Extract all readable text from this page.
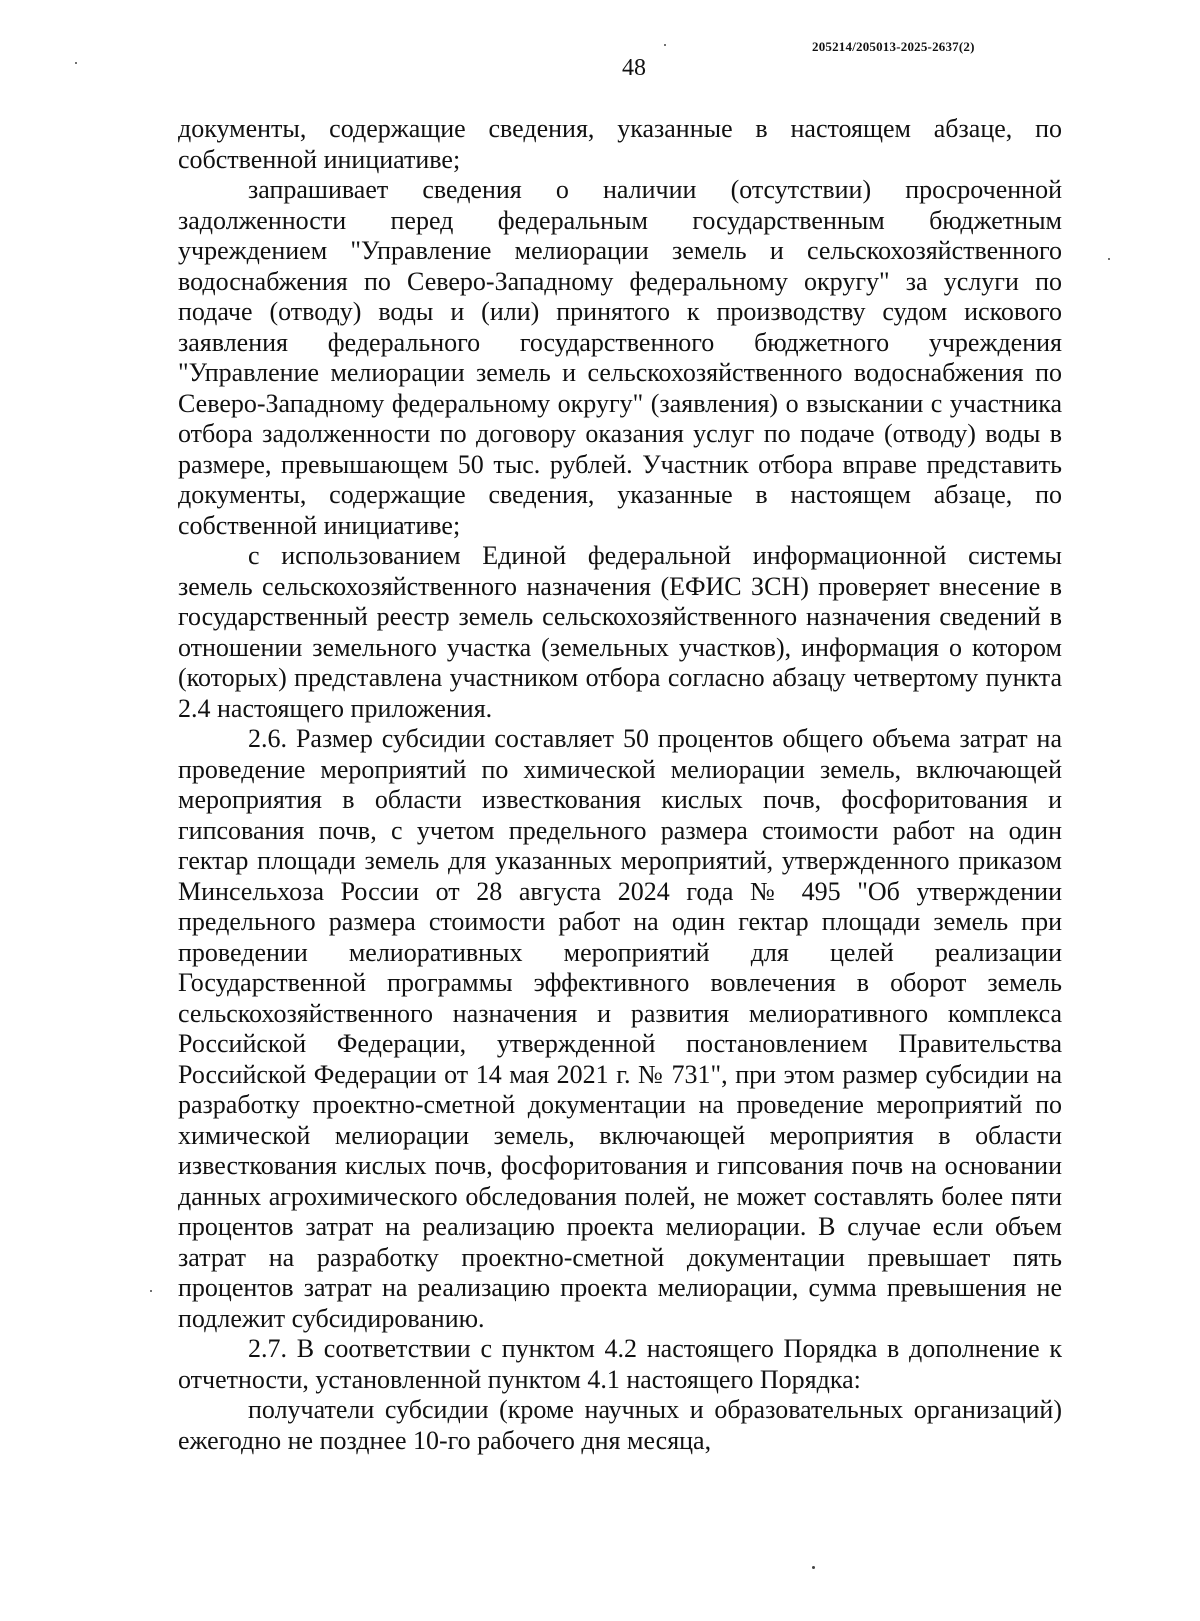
48
205214/205013-2025-2637(2)

документы, содержащие сведения, указанные в настоящем абзаце, по собственной инициативе;

запрашивает сведения о наличии (отсутствии) просроченной задолженности перед федеральным государственным бюджетным учреждением "Управление мелиорации земель и сельскохозяйственного водоснабжения по Северо-Западному федеральному округу" за услуги по подаче (отводу) воды и (или) принятого к производству судом искового заявления федерального государственного бюджетного учреждения "Управление мелиорации земель и сельскохозяйственного водоснабжения по Северо-Западному федеральному округу" (заявления) о взыскании с участника отбора задолженности по договору оказания услуг по подаче (отводу) воды в размере, превышающем 50 тыс. рублей. Участник отбора вправе представить документы, содержащие сведения, указанные в настоящем абзаце, по собственной инициативе;

с использованием Единой федеральной информационной системы земель сельскохозяйственного назначения (ЕФИС ЗСН) проверяет внесение в государственный реестр земель сельскохозяйственного назначения сведений в отношении земельного участка (земельных участков), информация о котором (которых) представлена участником отбора согласно абзацу четвертому пункта 2.4 настоящего приложения.

2.6. Размер субсидии составляет 50 процентов общего объема затрат на проведение мероприятий по химической мелиорации земель, включающей мероприятия в области известкования кислых почв, фосфоритования и гипсования почв, с учетом предельного размера стоимости работ на один гектар площади земель для указанных мероприятий, утвержденного приказом Минсельхоза России от 28 августа 2024 года № 495 "Об утверждении предельного размера стоимости работ на один гектар площади земель при проведении мелиоративных мероприятий для целей реализации Государственной программы эффективного вовлечения в оборот земель сельскохозяйственного назначения и развития мелиоративного комплекса Российской Федерации, утвержденной постановлением Правительства Российской Федерации от 14 мая 2021 г. № 731", при этом размер субсидии на разработку проектно-сметной документации на проведение мероприятий по химической мелиорации земель, включающей мероприятия в области известкования кислых почв, фосфоритования и гипсования почв на основании данных агрохимического обследования полей, не может составлять более пяти процентов затрат на реализацию проекта мелиорации. В случае если объем затрат на разработку проектно-сметной документации превышает пять процентов затрат на реализацию проекта мелиорации, сумма превышения не подлежит субсидированию.

2.7. В соответствии с пунктом 4.2 настоящего Порядка в дополнение к отчетности, установленной пунктом 4.1 настоящего Порядка:

получатели субсидии (кроме научных и образовательных организаций) ежегодно не позднее 10-го рабочего дня месяца,
